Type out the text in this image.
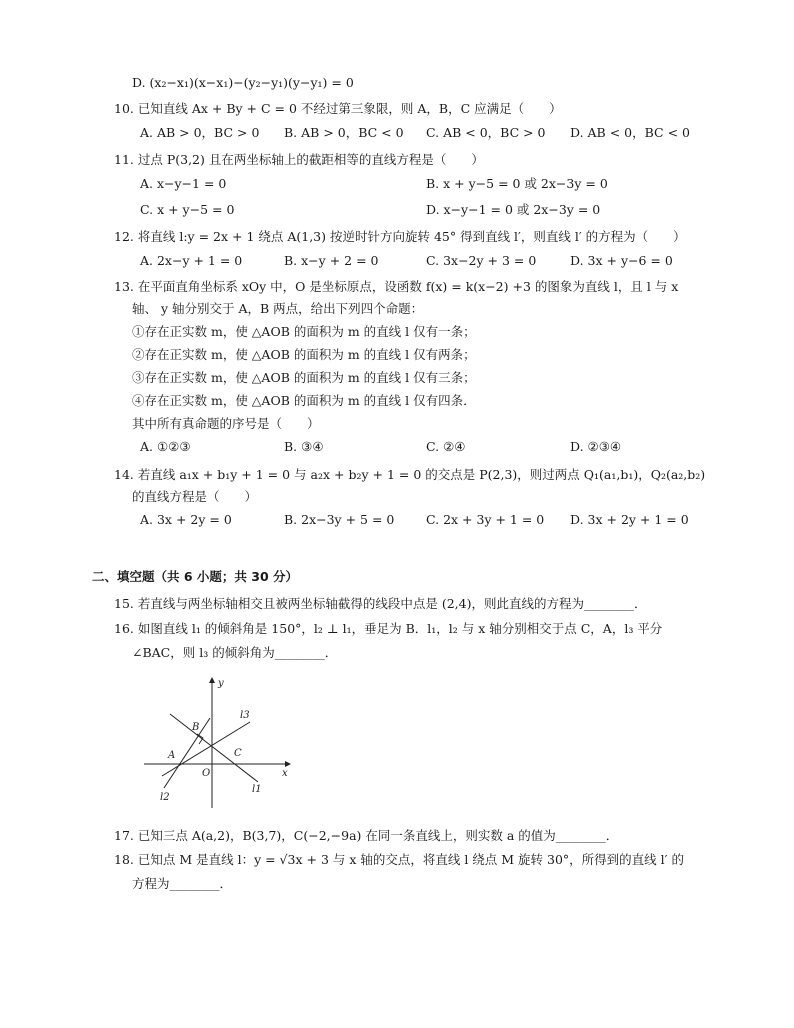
D. (x₂−x₁)(x−x₁)−(y₂−y₁)(y−y₁) = 0
10. 已知直线 Ax + By + C = 0 不经过第三象限，则 A，B，C 应满足（　　）
A. AB > 0，BC > 0 B. AB > 0，BC < 0 C. AB < 0，BC > 0 D. AB < 0，BC < 0
11. 过点 P(3,2) 且在两坐标轴上的截距相等的直线方程是（　　）
A. x−y−1 = 0	B. x + y−5 = 0 或 2x−3y = 0
C. x + y−5 = 0	D. x−y−1 = 0 或 2x−3y = 0
12. 将直线 l:y = 2x + 1 绕点 A(1,3) 按逆时针方向旋转 45° 得到直线 l′，则直线 l′ 的方程为（　　）
A. 2x−y + 1 = 0	B. x−y + 2 = 0	C. 3x−2y + 3 = 0	D. 3x + y−6 = 0
13. 在平面直角坐标系 xOy 中，O 是坐标原点，设函数 f(x) = k(x−2) +3 的图象为直线 l，且 l 与 x
轴、 y 轴分别交于 A，B 两点，给出下列四个命题：
①存在正实数 m，使 △AOB 的面积为 m 的直线 l 仅有一条；
②存在正实数 m，使 △AOB 的面积为 m 的直线 l 仅有两条；
③存在正实数 m，使 △AOB 的面积为 m 的直线 l 仅有三条；
④存在正实数 m，使 △AOB 的面积为 m 的直线 l 仅有四条．
其中所有真命题的序号是（　　）
A. ①②③	B. ③④	C. ②④	D. ②③④
14. 若直线 a₁x + b₁y + 1 = 0 与 a₂x + b₂y + 1 = 0 的交点是 P(2,3)，则过两点 Q₁(a₁,b₁)，Q₂(a₂,b₂)
的直线方程是（　　）
A. 3x + 2y = 0	B. 2x−3y + 5 = 0	C. 2x + 3y + 1 = 0 D. 3x + 2y + 1 = 0
二、填空题（共 6 小题；共 30 分）
15. 若直线与两坐标轴相交且被两坐标轴截得的线段中点是 (2,4)，则此直线的方程为________．
16. 如图直线 l₁ 的倾斜角是 150°，l₂ ⊥ l₁，垂足为 B．l₁，l₂ 与 x 轴分别相交于点 C，A，l₃ 平分
∠BAC，则 l₃ 的倾斜角为________．
y
x
O
A
B
C
l1
l2
l3
17. 已知三点 A(a,2)，B(3,7)，C(−2,−9a) 在同一条直线上，则实数 a 的值为________．
18. 已知点 M 是直线 l：y = √3x + 3 与 x 轴的交点，将直线 l 绕点 M 旋转 30°，所得到的直线 l′ 的
方程为________．
